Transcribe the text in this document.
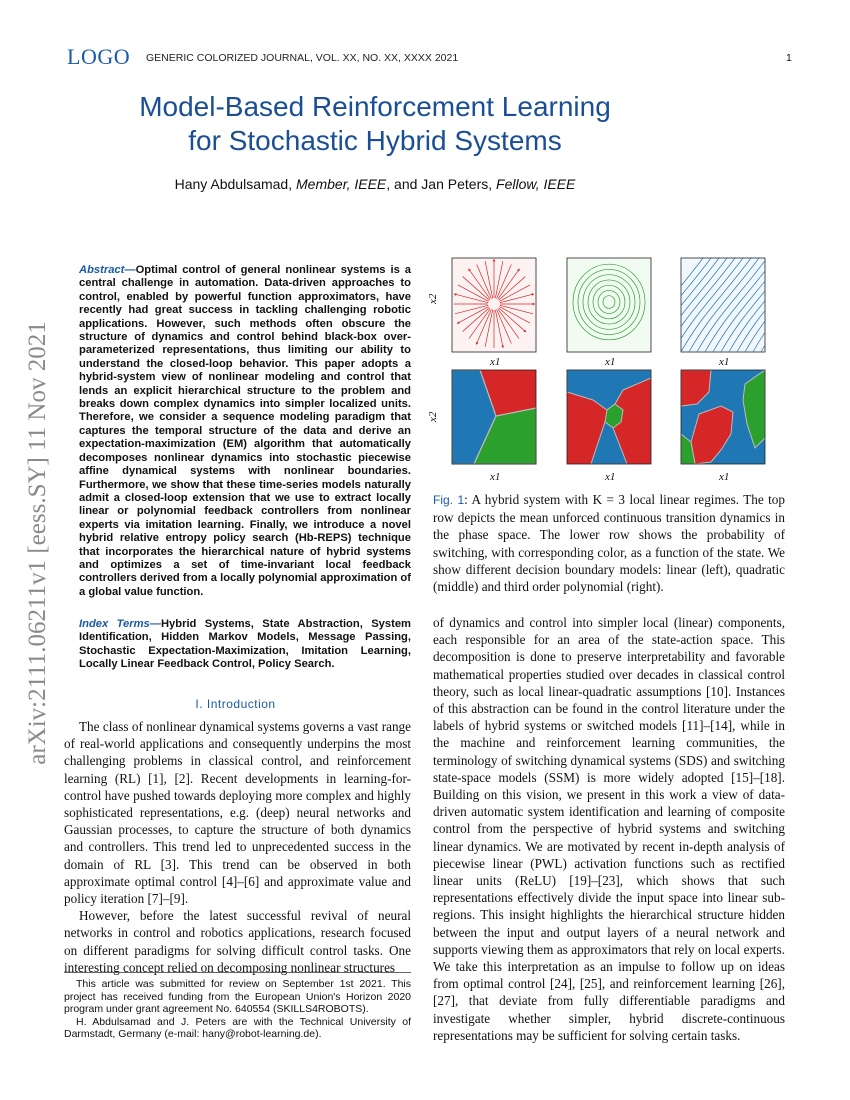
LOGO GENERIC COLORIZED JOURNAL, VOL. XX, NO. XX, XXXX 2021	1
Model-Based Reinforcement Learning
for Stochastic Hybrid Systems
Hany Abdulsamad, Member, IEEE, and Jan Peters, Fellow, IEEE
arXiv:2111.06211v1 [eess.SY] 11 Nov 2021
Abstract—Optimal control of general nonlinear systems is a central challenge in automation. Data-driven approaches to control, enabled by powerful function approximators, have recently had great success in tackling challenging robotic applications. However, such methods often obscure the structure of dynamics and control behind black-box over-parameterized representations, thus limiting our ability to understand the closed-loop behavior. This paper adopts a hybrid-system view of nonlinear modeling and control that lends an explicit hierarchical structure to the problem and breaks down complex dynamics into simpler localized units. Therefore, we consider a sequence modeling paradigm that captures the temporal structure of the data and derive an expectation-maximization (EM) algorithm that automatically decomposes nonlinear dynamics into stochastic piecewise affine dynamical systems with nonlinear boundaries. Furthermore, we show that these time-series models naturally admit a closed-loop extension that we use to extract locally linear or polynomial feedback controllers from nonlinear experts via imitation learning. Finally, we introduce a novel hybrid relative entropy policy search (Hb-REPS) technique that incorporates the hierarchical nature of hybrid systems and optimizes a set of time-invariant local feedback controllers derived from a locally polynomial approximation of a global value function.
Index Terms—Hybrid Systems, State Abstraction, System Identification, Hidden Markov Models, Message Passing, Stochastic Expectation-Maximization, Imitation Learning, Locally Linear Feedback Control, Policy Search.
I. Introduction

The class of nonlinear dynamical systems governs a vast range of real-world applications and consequently underpins the most challenging problems in classical control, and reinforcement learning (RL) [1], [2]. Recent developments in learning-for-control have pushed towards deploying more complex and highly sophisticated representations, e.g. (deep) neural networks and Gaussian processes, to capture the structure of both dynamics and controllers. This trend led to unprecedented success in the domain of RL [3]. This trend can be observed in both approximate optimal control [4]–[6] and approximate value and policy iteration [7]–[9].

However, before the latest successful revival of neural networks in control and robotics applications, research focused on different paradigms for solving difficult control tasks. One interesting concept relied on decomposing nonlinear structures

This article was submitted for review on September 1st 2021. This project has received funding from the European Union's Horizon 2020 program under grant agreement No. 640554 (SKILLS4ROBOTS).

H. Abdulsamad and J. Peters are with the Technical University of Darmstadt, Germany (e-mail: hany@robot-learning.de).

x2
x2
x1	x1	x1
x1	x1	x1
Fig. 1: A hybrid system with K = 3 local linear regimes. The top row depicts the mean unforced continuous transition dynamics in the phase space. The lower row shows the probability of switching, with corresponding color, as a function of the state. We show different decision boundary models: linear (left), quadratic (middle) and third order polynomial (right).

of dynamics and control into simpler local (linear) components, each responsible for an area of the state-action space. This decomposition is done to preserve interpretability and favorable mathematical properties studied over decades in classical control theory, such as local linear-quadratic assumptions [10]. Instances of this abstraction can be found in the control literature under the labels of hybrid systems or switched models [11]–[14], while in the machine and reinforcement learning communities, the terminology of switching dynamical systems (SDS) and switching state-space models (SSM) is more widely adopted [15]–[18]. Building on this vision, we present in this work a view of data-driven automatic system identification and learning of composite control from the perspective of hybrid systems and switching linear dynamics. We are motivated by recent in-depth analysis of piecewise linear (PWL) activation functions such as rectified linear units (ReLU) [19]–[23], which shows that such representations effectively divide the input space into linear sub-regions. This insight highlights the hierarchical structure hidden between the input and output layers of a neural network and supports viewing them as approximators that rely on local experts. We take this interpretation as an impulse to follow up on ideas from optimal control [24], [25], and reinforcement learning [26], [27], that deviate from fully differentiable paradigms and investigate whether simpler, hybrid discrete-continuous representations may be sufficient for solving certain tasks.
